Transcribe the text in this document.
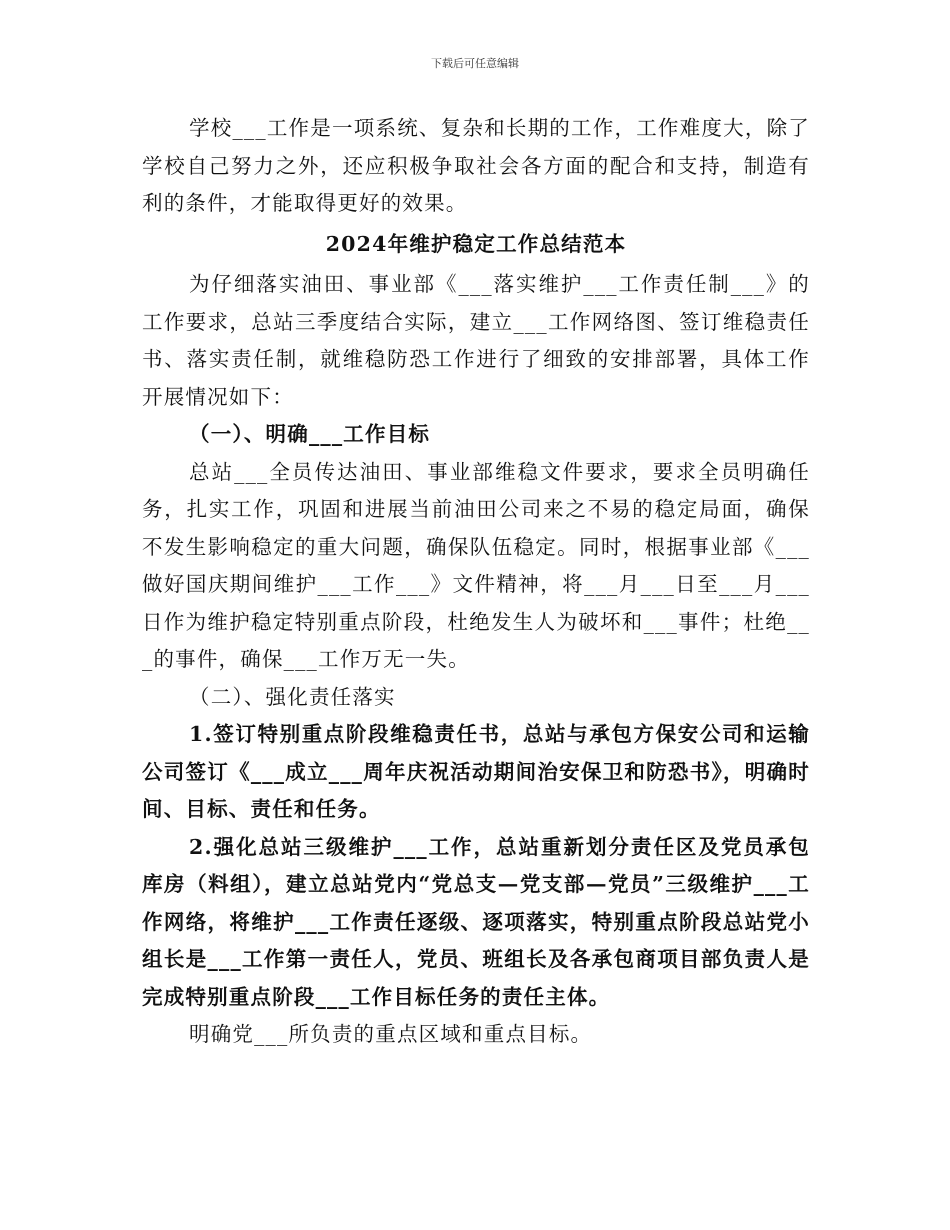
下载后可任意编辑

学校___工作是一项系统、复杂和长期的工作，工作难度大，除了学校自己努力之外，还应积极争取社会各方面的配合和支持，制造有利的条件，才能取得更好的效果。

2024年维护稳定工作总结范本

为仔细落实油田、事业部《___落实维护___工作责任制___》的工作要求，总站三季度结合实际，建立___工作网络图、签订维稳责任书、落实责任制，就维稳防恐工作进行了细致的安排部署，具体工作开展情况如下：

（一）、明确___工作目标

总站___全员传达油田、事业部维稳文件要求，要求全员明确任务，扎实工作，巩固和进展当前油田公司来之不易的稳定局面，确保不发生影响稳定的重大问题，确保队伍稳定。同时，根据事业部《___做好国庆期间维护___工作___》文件精神，将___月___日至___月___日作为维护稳定特别重点阶段，杜绝发生人为破坏和___事件；杜绝___的事件，确保___工作万无一失。

（二）、强化责任落实

1.签订特别重点阶段维稳责任书，总站与承包方保安公司和运输公司签订《___成立___周年庆祝活动期间治安保卫和防恐书》，明确时间、目标、责任和任务。

2.强化总站三级维护___工作，总站重新划分责任区及党员承包库房（料组），建立总站党内“党总支—党支部—党员”三级维护___工作网络，将维护___工作责任逐级、逐项落实，特别重点阶段总站党小组长是___工作第一责任人，党员、班组长及各承包商项目部负责人是完成特别重点阶段___工作目标任务的责任主体。

明确党___所负责的重点区域和重点目标。
